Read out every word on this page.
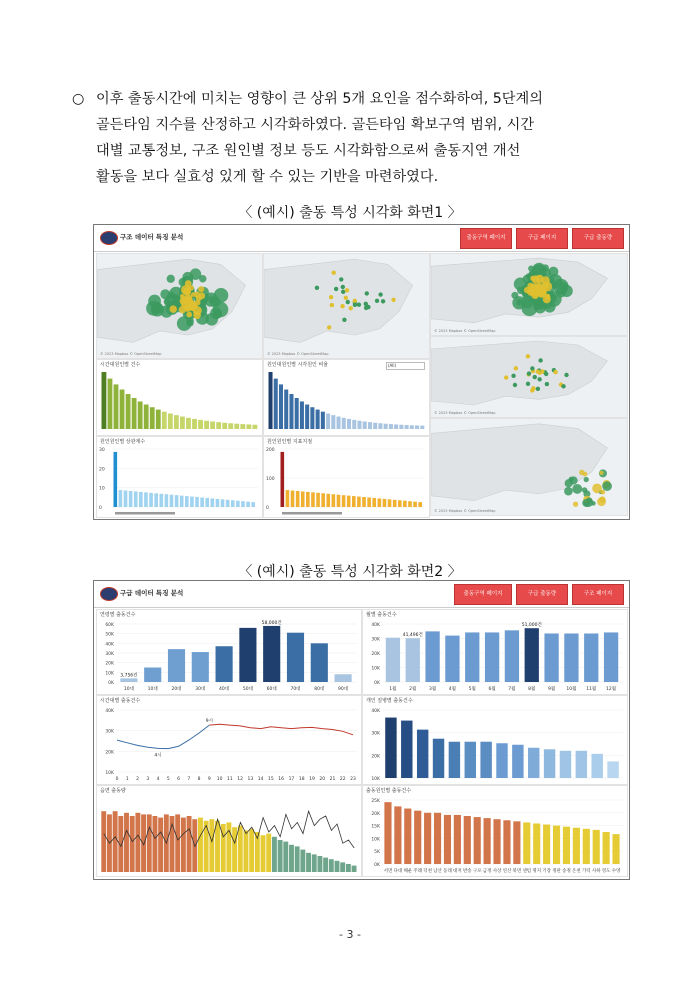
○ 이후 출동시간에 미치는 영향이 큰 상위 5개 요인을 점수화하여, 5단계의
골든타임 지수를 산정하고 시각화하였다. 골든타임 확보구역 범위, 시간
대별 교통정보, 구조 원인별 정보 등도 시각화함으로써 출동지연 개선
활동을 보다 실효성 있게 할 수 있는 기반을 마련하였다.
〈 (예시) 출동 특성 시각화 화면1 〉
구조 데이터 특징 분석	출동구역 페이지	구급 페이지	구급 출동량
© 2023 Mapbox © OpenStreetMap	© 2023 Mapbox © OpenStreetMap
© 2023 Mapbox © OpenStreetMap
© 2023 Mapbox © OpenStreetMap
© 2023 Mapbox © OpenStreetMap
시간대원인별 건수	원인대원인별 시각원인 비율	(All)
원인원인별 상관계수
30
20
10
0
원인원인별 지표지점
200
100
0
〈 (예시) 출동 특성 시각화 화면2 〉
구급 데이터 특징 분석	출동구역 페이지	구급 출동량	구조 페이지
연령별 출동건수
60K
50K
40K
30K
20K
10K
0K
10대
3,756건
10대	20대	30대	40대	50대	60대
58,000건
70대	80대	90대
월별 출동건수
40K
30K
20K
10K
0K
1월	2월
41,496건
3월	4월	5월	6월	7월	8월
51,000건
9월 10월 11월 12월
시간대별 출동건수
40K
30K
20K
10K
0 1 2 3 4
4시
5 6 7 8 9
9시
10 11 12 13 14 15 16 17 18 19 20 21 22 23
개인 질병별 출동건수
40K
30K
20K
10K
읍면 출동량	출동원인별 출동건수
25K
20K
15K
10K
5K
0K
서면 다대 해운 주례 덕천 남산 동래 대저 반송 구포 금정 사상 연산 북면 센텀 명지 기장 정관 송정 온천 가덕 사하 영도 수영
- 3 -
